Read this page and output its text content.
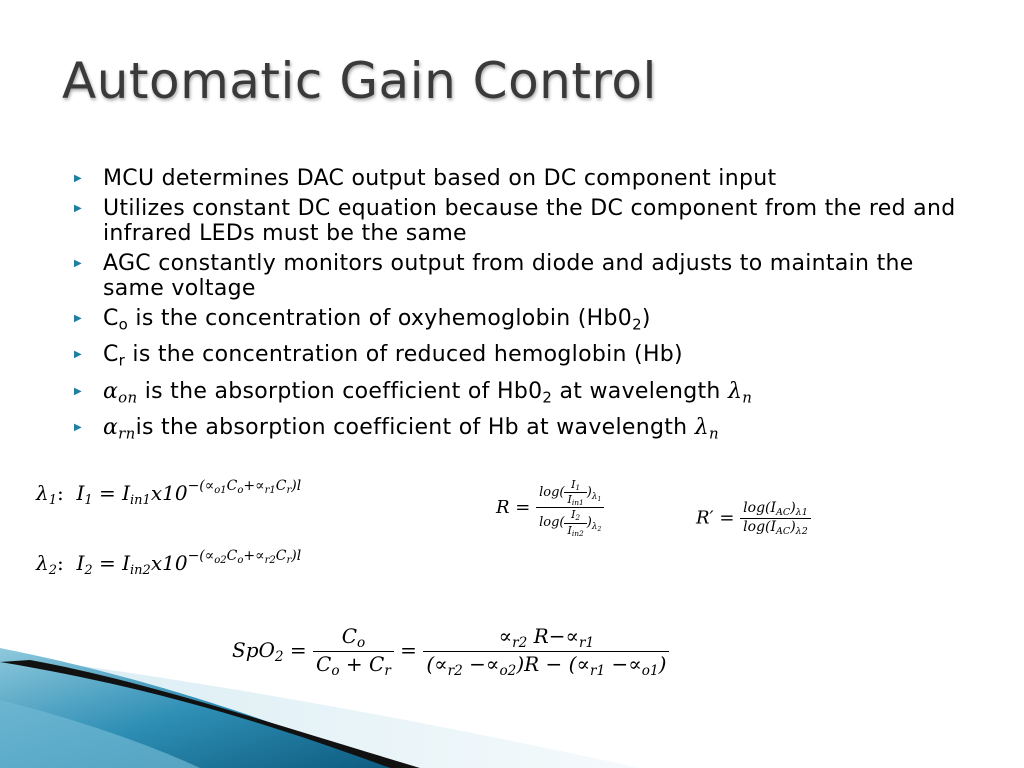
Automatic Gain Control
▶ MCU determines DAC output based on DC component input
▶ Utilizes constant DC equation because the DC component from the red and infrared LEDs must be the same
▶ AGC constantly monitors output from diode and adjusts to maintain the same voltage
▶ $C_o$ is the concentration of oxyhemoglobin $(Hb0_2)$
▶ $C_r$ is the concentration of reduced hemoglobin (Hb)
▶ $\alpha_{on}$ is the absorption coefficient of $Hb0_2$ at wavelength $\lambda_n$
▶ $\alpha_{rn}is$ the absorption coefficient of Hb at wavelength $\lambda_n$
$\lambda_1$: $I_1 = I_{in1}x10^{-(\propto_{o1}C_o+\propto_{r1}C_r)l}$
$\lambda_2$: $I_2 = I_{in2}x10^{-(\propto_{o2}C_o+\propto_{r2}C_r)l}$
$R = \frac{\log( \frac{I_1}{I_{in1}} )_{\lambda_1}}{\log( \frac{I_2}{I_{in2}} )_{\lambda_2}}$	$R' = \frac{\log(I_{AC})_{\lambda 1}}{\log(I_{AC})_{\lambda 2}}$
$SpO_2 = \frac{C_o}{C_o + C_r} = \frac{\propto_{r2} R-\propto_{r1}}{(\propto_{r2} -\propto_{o2})R - (\propto_{r1} -\propto_{o1})}$
